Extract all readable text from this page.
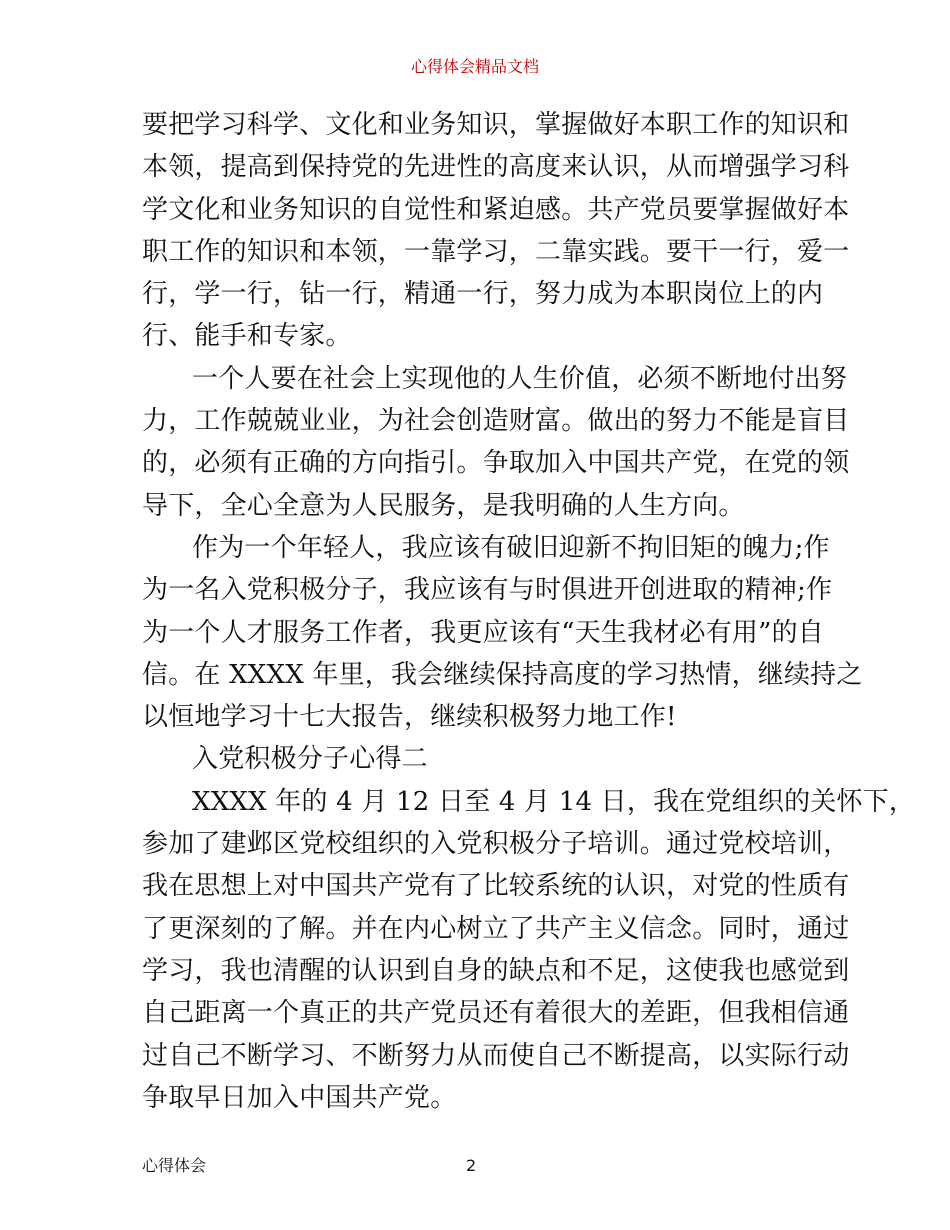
心得体会精品文档
要把学习科学、文化和业务知识，掌握做好本职工作的知识和
本领，提高到保持党的先进性的高度来认识，从而增强学习科
学文化和业务知识的自觉性和紧迫感。共产党员要掌握做好本
职工作的知识和本领，一靠学习，二靠实践。要干一行，爱一
行，学一行，钻一行，精通一行，努力成为本职岗位上的内
行、能手和专家。
一个人要在社会上实现他的人生价值，必须不断地付出努
力，工作兢兢业业，为社会创造财富。做出的努力不能是盲目
的，必须有正确的方向指引。争取加入中国共产党，在党的领
导下，全心全意为人民服务，是我明确的人生方向。
作为一个年轻人，我应该有破旧迎新不拘旧矩的魄力;作
为一名入党积极分子，我应该有与时俱进开创进取的精神;作
为一个人才服务工作者，我更应该有“天生我材必有用”的自
信。在 XXXX 年里，我会继续保持高度的学习热情，继续持之
以恒地学习十七大报告，继续积极努力地工作!
入党积极分子心得二
XXXX 年的 4 月 12 日至 4 月 14 日，我在党组织的关怀下，
参加了建邺区党校组织的入党积极分子培训。通过党校培训，
我在思想上对中国共产党有了比较系统的认识，对党的性质有
了更深刻的了解。并在内心树立了共产主义信念。同时，通过
学习，我也清醒的认识到自身的缺点和不足，这使我也感觉到
自己距离一个真正的共产党员还有着很大的差距，但我相信通
过自己不断学习、不断努力从而使自己不断提高，以实际行动
争取早日加入中国共产党。
心得体会	2
